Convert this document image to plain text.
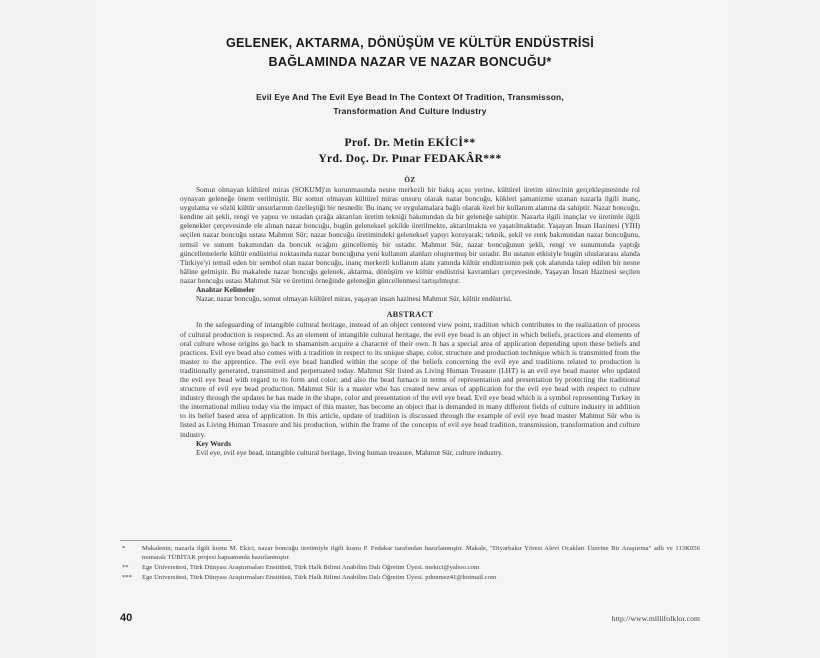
GELENEK, AKTARMA, DÖNÜŞÜM VE KÜLTÜR ENDÜSTRİSİ
BAĞLAMINDA NAZAR VE NAZAR BONCUĞU*
Evil Eye And The Evil Eye Bead In The Context Of Tradition, Transmisson,
Transformation And Culture Industry
Prof. Dr. Metin EKİCİ**
Yrd. Doç. Dr. Pınar FEDAKÂR***
ÖZ

Somut olmayan kültürel miras (SOKUM)'ın korunmasında nesne merkezli bir bakış açısı yerine, kültürel üretim sürecinin gerçekleşmesinde rol oynayan geleneğe önem verilmiştir. Bir somut olmayan kültürel miras unsuru olarak nazar boncuğu, kökleri şamanizme uzanan nazarla ilgili inanç, uygulama ve sözlü kültür unsurlarının özelleştiği bir nesnedir. Bu inanç ve uygulamalara bağlı olarak özel bir kullanım alanına da sahiptir. Nazar boncuğu, kendine ait şekli, rengi ve yapısı ve ustadan çırağa aktarılan üretim tekniği bakımından da bir geleneğe sahiptir. Nazarla ilgili inançlar ve üretimle ilgili gelenekler çerçevesinde ele alınan nazar boncuğu, bugün geleneksel şekilde üretilmekte, aktarılmakta ve yaşatılmaktadır. Yaşayan İnsan Hazinesi (YİH) seçilen nazar boncuğu ustası Mahmut Sür; nazar boncuğu üretimindeki geleneksel yapıyı koruyarak; teknik, şekil ve renk bakımından nazar boncuğunu, temsil ve sunum bakımından da boncuk ocağını güncellemiş bir ustadır. Mahmut Sür, nazar boncuğunun şekli, rengi ve sunumunda yaptığı güncellemelerle kültür endüstrisi noktasında nazar boncuğuna yeni kullanım alanları oluşturmuş bir ustadır. Bu ustanın etkisiyle bugün uluslararası alanda Türkiye'yi temsil eden bir sembol olan nazar boncuğu, inanç merkezli kullanım alanı yanında kültür endüstrisinin pek çok alanında talep edilen bir nesne hâline gelmiştir. Bu makalede nazar boncuğu gelenek, aktarma, dönüşüm ve kültür endüstrisi kavramları çerçevesinde, Yaşayan İnsan Hazinesi seçilen nazar boncuğu ustası Mahmut Sür ve üretimi örneğinde geleneğin güncellenmesi tartışılmıştır.

Anahtar Kelimeler
Nazar, nazar boncuğu, somut olmayan kültürel miras, yaşayan insan hazinesi Mahmut Sür, kültür endüstrisi.
ABSTRACT

In the safeguarding of intangible cultural heritage, instead of an object centered view point, tradition which contributes to the realization of process of cultural production is respected. As an element of intangible cultural heritage, the evil eye bead is an object in which beliefs, practices and elements of oral culture whose origins go back to shamanism acquire a character of their own. It has a special area of application depending upon these beliefs and practices. Evil eye bead also comes with a tradition in respect to its unique shape, color, structure and production technique which is transmitted from the master to the apprentice. The evil eye bead handled within the scope of the beliefs concerning the evil eye and traditions related to production is traditionally generated, transmitted and perpetuated today. Mahmut Sür listed as Living Human Treasure (LHT) is an evil eye bead master who updated the evil eye bead with regard to its form and color; and also the bead furnace in terms of representation and presentation by protecting the traditional structure of evil eye bead production. Mahmut Sür is a master who has created new areas of application for the evil eye bead with respect to culture industry through the updates he has made in the shape, color and presentation of the evil eye bead. Evil eye bead which is a symbol representing Turkey in the international milieu today via the impact of this master, has become an object that is demanded in many different fields of culture industry in addition to its belief based area of application. In this article, update of tradition is discussed through the example of evil eye bead master Mahmut Sür who is listed as Living Human Treasure and his production, within the frame of the concepts of evil eye bead tradition, transmission, transformation and culture industry.

Key Words
Evil eye, evil eye bead, intangible cultural heritage, living human treasure, Mahmut Sür, culture industry.
*	Makalenin; nazarla ilgili kısmı M. Ekici, nazar boncuğu üretimiyle ilgili kısmı P. Fedakar tarafından hazırlanmıştır. Makale, "Diyarbakır Yöresi Alevi Ocakları Üzerine Bir Araştırma" adlı ve 113K056 numaralı TÜBİTAK projesi kapsamında hazırlanmıştır.
**	Ege Üniversitesi, Türk Dünyası Araştırmaları Enstitüsü, Türk Halk Bilimi Anabilim Dalı Öğretim Üyesi. mekici@yahoo.com
***	Ege Üniversitesi, Türk Dünyası Araştırmaları Enstitüsü, Türk Halk Bilimi Anabilim Dalı Öğretim Üyesi. pdonmez41@hotmail.com
40	http://www.millifolklor.com
